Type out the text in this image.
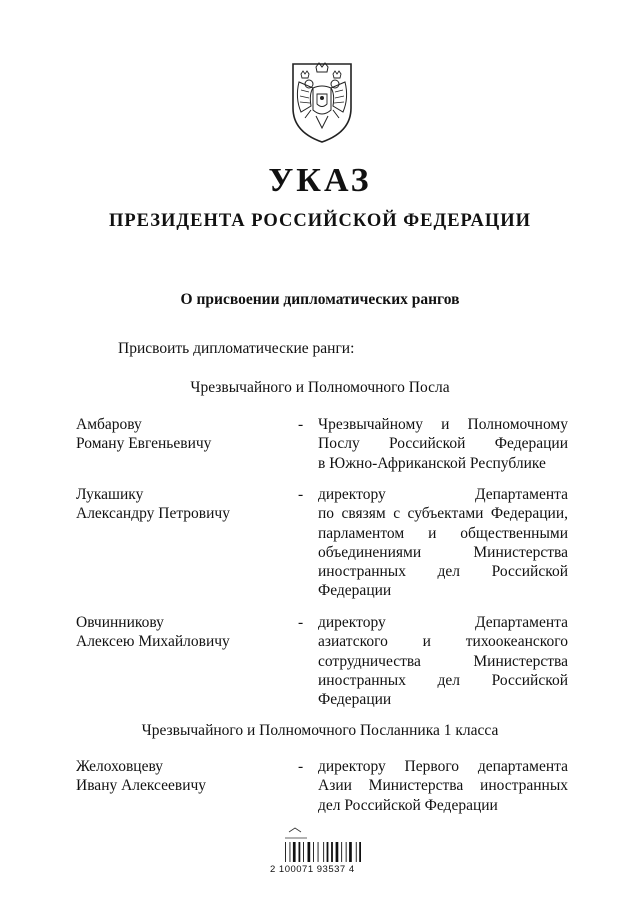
УКАЗ
ПРЕЗИДЕНТА РОССИЙСКОЙ ФЕДЕРАЦИИ
О присвоении дипломатических рангов
Присвоить дипломатические ранги:
Чрезвычайного и Полномочного Посла
Амбарову
Роману Евгеньевичу
- Чрезвычайному и Полномочному
Послу Российской Федерации
в Южно-Африканской Республике
Лукашику
Александру Петровичу
- директору Департамента
по связям с субъектами Федерации,
парламентом и общественными
объединениями Министерства
иностранных дел Российской
Федерации
Овчинникову
Алексею Михайловичу
- директору Департамента
азиатского и тихоокеанского
сотрудничества Министерства
иностранных дел Российской
Федерации
Чрезвычайного и Полномочного Посланника 1 класса
Желоховцеву
Ивану Алексеевичу
- директору Первого департамента
Азии Министерства иностранных
дел Российской Федерации
2 100071 93537 4
